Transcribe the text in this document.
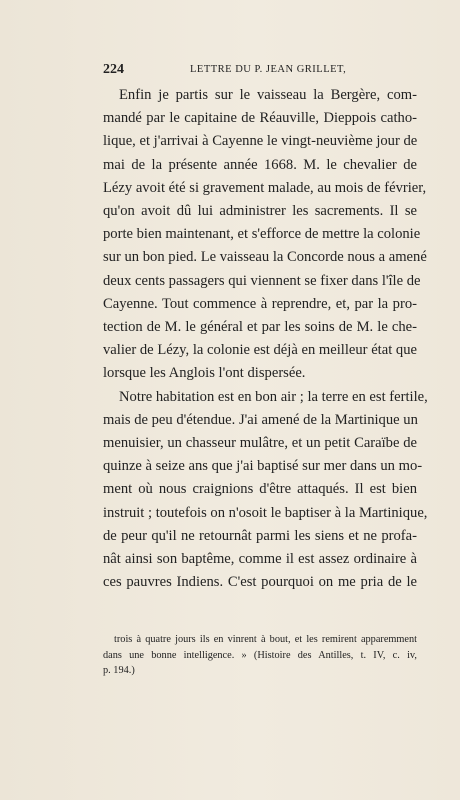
224	LETTRE DU P. JEAN GRILLET,
Enfin je partis sur le vaisseau la Bergère, com-
mandé par le capitaine de Réauville, Dieppois catho-
lique, et j'arrivai à Cayenne le vingt-neuvième jour de
mai de la présente année 1668. M. le chevalier de
Lézy avoit été si gravement malade, au mois de février,
qu'on avoit dû lui administrer les sacrements. Il se
porte bien maintenant, et s'efforce de mettre la colonie
sur un bon pied. Le vaisseau la Concorde nous a amené
deux cents passagers qui viennent se fixer dans l'île de
Cayenne. Tout commence à reprendre, et, par la pro-
tection de M. le général et par les soins de M. le che-
valier de Lézy, la colonie est déjà en meilleur état que
lorsque les Anglois l'ont dispersée.
Notre habitation est en bon air ; la terre en est fertile,
mais de peu d'étendue. J'ai amené de la Martinique un
menuisier, un chasseur mulâtre, et un petit Caraïbe de
quinze à seize ans que j'ai baptisé sur mer dans un mo-
ment où nous craignions d'être attaqués. Il est bien
instruit ; toutefois on n'osoit le baptiser à la Martinique,
de peur qu'il ne retournât parmi les siens et ne profa-
nât ainsi son baptême, comme il est assez ordinaire à
ces pauvres Indiens. C'est pourquoi on me pria de le
trois à quatre jours ils en vinrent à bout, et les remirent apparemment
dans une bonne intelligence. » (Histoire des Antilles, t. IV, c. iv,
p. 194.)
